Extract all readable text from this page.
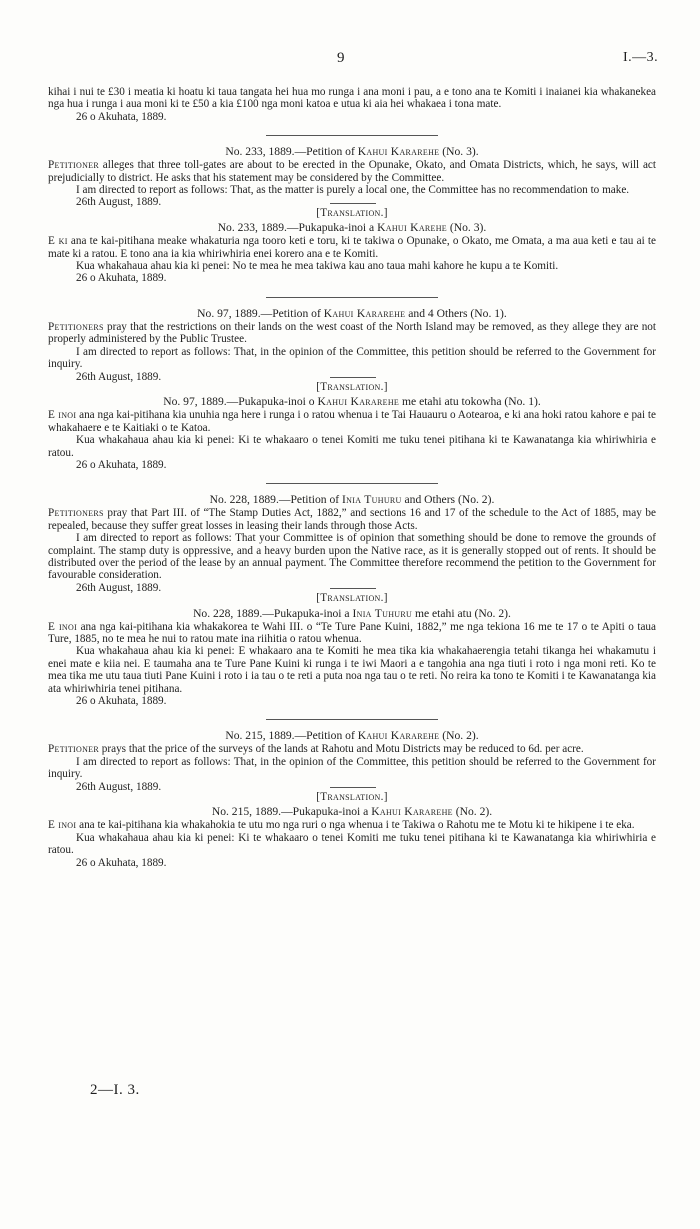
9	I.—3.

kihai i nui te £30 i meatia ki hoatu ki taua tangata hei hua mo runga i ana moni i pau, a e tono ana te Komiti i inaianei kia whakanekea nga hua i runga i aua moni ki te £50 a kia £100 nga moni katoa e utua ki aia hei whakaea i tona mate.

26 o Akuhata, 1889.

No. 233, 1889.—Petition of Kahui Kararehe (No. 3).

Petitioner alleges that three toll-gates are about to be erected in the Opunake, Okato, and Omata Districts, which, he says, will act prejudicially to district. He asks that his statement may be considered by the Committee.

I am directed to report as follows: That, as the matter is purely a local one, the Committee has no recommendation to make.

26th August, 1889.

[Translation.]

No. 233, 1889.—Pukapuka-inoi a Kahui Karehe (No. 3).

E ki ana te kai-pitihana meake whakaturia nga tooro keti e toru, ki te takiwa o Opunake, o Okato, me Omata, a ma aua keti e tau ai te mate ki a ratou. E tono ana ia kia whiriwhiria enei korero ana e te Komiti.

Kua whakahaua ahau kia ki penei: No te mea he mea takiwa kau ano taua mahi kahore he kupu a te Komiti.

26 o Akuhata, 1889.

No. 97, 1889.—Petition of Kahui Kararehe and 4 Others (No. 1).

Petitioners pray that the restrictions on their lands on the west coast of the North Island may be removed, as they allege they are not properly administered by the Public Trustee.

I am directed to report as follows: That, in the opinion of the Committee, this petition should be referred to the Government for inquiry.

26th August, 1889.

[Translation.]

No. 97, 1889.—Pukapuka-inoi o Kahui Kararehe me etahi atu tokowha (No. 1).

E inoi ana nga kai-pitihana kia unuhia nga here i runga i o ratou whenua i te Tai Hauauru o Aotearoa, e ki ana hoki ratou kahore e pai te whakahaere e te Kaitiaki o te Katoa.

Kua whakahaua ahau kia ki penei: Ki te whakaaro o tenei Komiti me tuku tenei pitihana ki te Kawanatanga kia whiriwhiria e ratou.

26 o Akuhata, 1889.

No. 228, 1889.—Petition of Inia Tuhuru and Others (No. 2).

Petitioners pray that Part III. of “The Stamp Duties Act, 1882,” and sections 16 and 17 of the schedule to the Act of 1885, may be repealed, because they suffer great losses in leasing their lands through those Acts.

I am directed to report as follows: That your Committee is of opinion that something should be done to remove the grounds of complaint. The stamp duty is oppressive, and a heavy burden upon the Native race, as it is generally stopped out of rents. It should be distributed over the period of the lease by an annual payment. The Committee therefore recommend the petition to the Government for favourable consideration.

26th August, 1889.

[Translation.]

No. 228, 1889.—Pukapuka-inoi a Inia Tuhuru me etahi atu (No. 2).

E inoi ana nga kai-pitihana kia whakakorea te Wahi III. o “Te Ture Pane Kuini, 1882,” me nga tekiona 16 me te 17 o te Apiti o taua Ture, 1885, no te mea he nui to ratou mate ina riihitia o ratou whenua.

Kua whakahaua ahau kia ki penei: E whakaaro ana te Komiti he mea tika kia whakahaerengia tetahi tikanga hei whakamutu i enei mate e kiia nei. E taumaha ana te Ture Pane Kuini ki runga i te iwi Maori a e tangohia ana nga tiuti i roto i nga moni reti. Ko te mea tika me utu taua tiuti Pane Kuini i roto i ia tau o te reti a puta noa nga tau o te reti. No reira ka tono te Komiti i te Kawanatanga kia ata whiriwhiria tenei pitihana.

26 o Akuhata, 1889.

No. 215, 1889.—Petition of Kahui Kararehe (No. 2).

Petitioner prays that the price of the surveys of the lands at Rahotu and Motu Districts may be reduced to 6d. per acre.

I am directed to report as follows: That, in the opinion of the Committee, this petition should be referred to the Government for inquiry.

26th August, 1889.

[Translation.]

No. 215, 1889.—Pukapuka-inoi a Kahui Kararehe (No. 2).

E inoi ana te kai-pitihana kia whakahokia te utu mo nga ruri o nga whenua i te Takiwa o Rahotu me te Motu ki te hikipene i te eka.

Kua whakahaua ahau kia ki penei: Ki te whakaaro o tenei Komiti me tuku tenei pitihana ki te Kawanatanga kia whiriwhiria e ratou.

26 o Akuhata, 1889.

2—I. 3.
